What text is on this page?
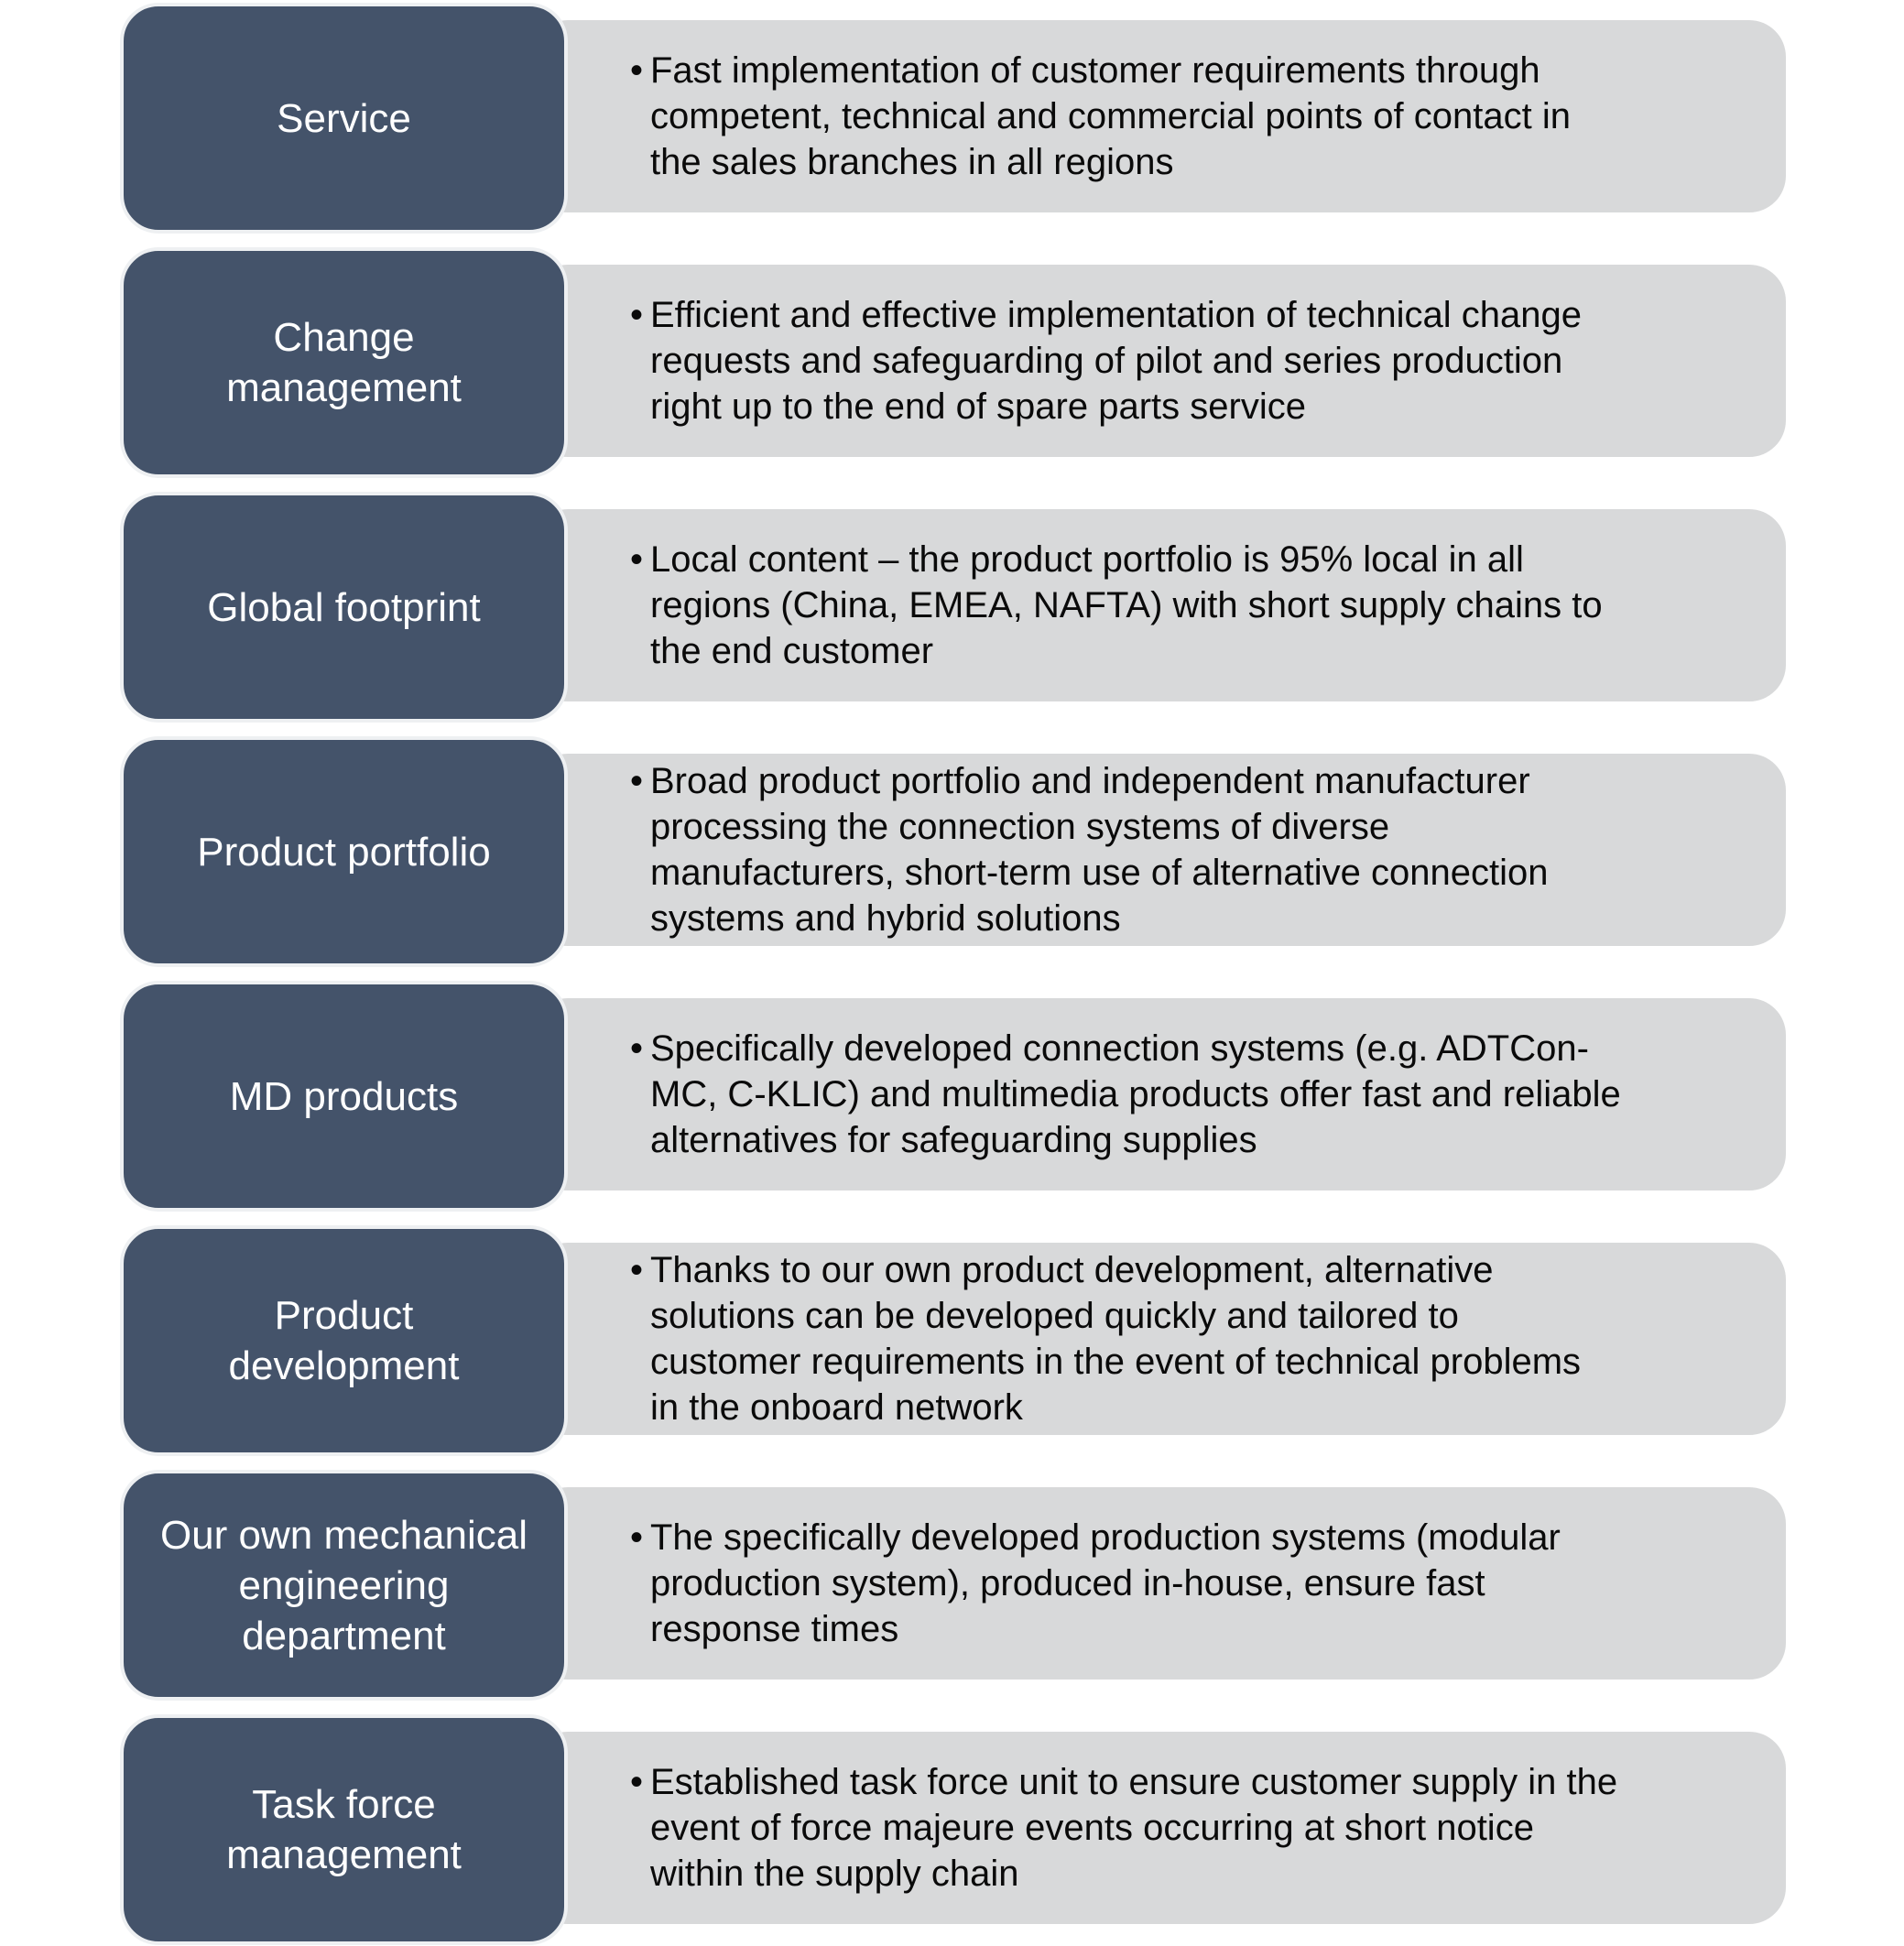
• Fast implementation of customer requirements through
competent, technical and commercial points of contact in
the sales branches in all regions
Service
• Efficient and effective implementation of technical change
requests and safeguarding of pilot and series production
right up to the end of spare parts service
Change
management
• Local content – the product portfolio is 95% local in all
regions (China, EMEA, NAFTA) with short supply chains to
the end customer
Global footprint
• Broad product portfolio and independent manufacturer
processing the connection systems of diverse
manufacturers, short-term use of alternative connection
systems and hybrid solutions
Product portfolio
• Specifically developed connection systems (e.g. ADTCon-
MC, C-KLIC) and multimedia products offer fast and reliable
alternatives for safeguarding supplies
MD products
• Thanks to our own product development, alternative
solutions can be developed quickly and tailored to
customer requirements in the event of technical problems
in the onboard network
Product
development
• The specifically developed production systems (modular
production system), produced in-house, ensure fast
response times
Our own mechanical
engineering
department
• Established task force unit to ensure customer supply in the
event of force majeure events occurring at short notice
within the supply chain
Task force
management
